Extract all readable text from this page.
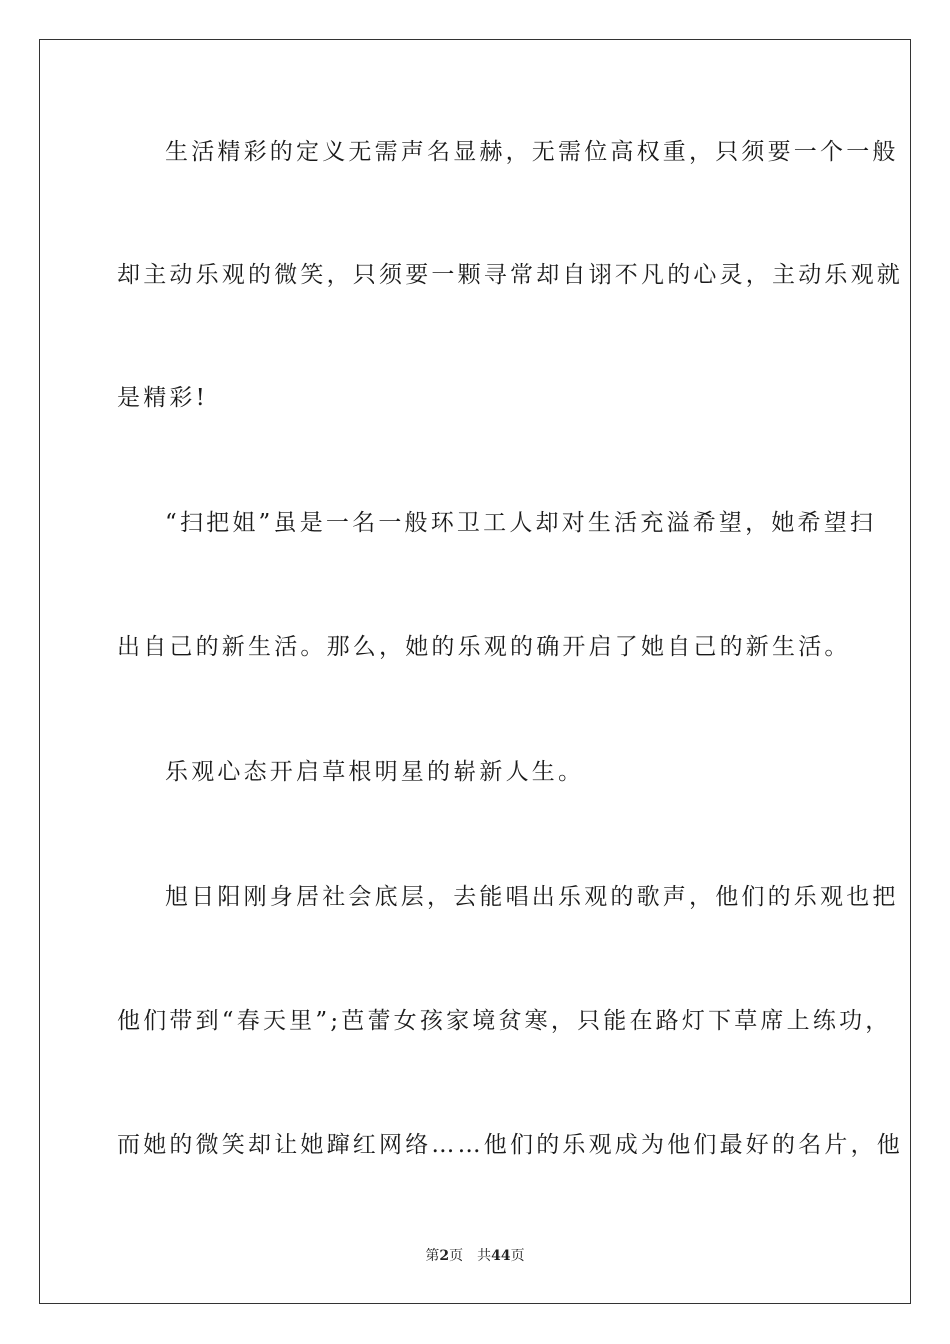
生活精彩的定义无需声名显赫，无需位高权重，只须要一个一般
却主动乐观的微笑，只须要一颗寻常却自诩不凡的心灵，主动乐观就
是精彩!
“扫把姐”虽是一名一般环卫工人却对生活充溢希望，她希望扫
出自己的新生活。那么，她的乐观的确开启了她自己的新生活。
乐观心态开启草根明星的崭新人生。
旭日阳刚身居社会底层，去能唱出乐观的歌声，他们的乐观也把
他们带到“春天里”;芭蕾女孩家境贫寒，只能在路灯下草席上练功，
而她的微笑却让她蹿红网络……他们的乐观成为他们最好的名片，他
第2页 共44页
